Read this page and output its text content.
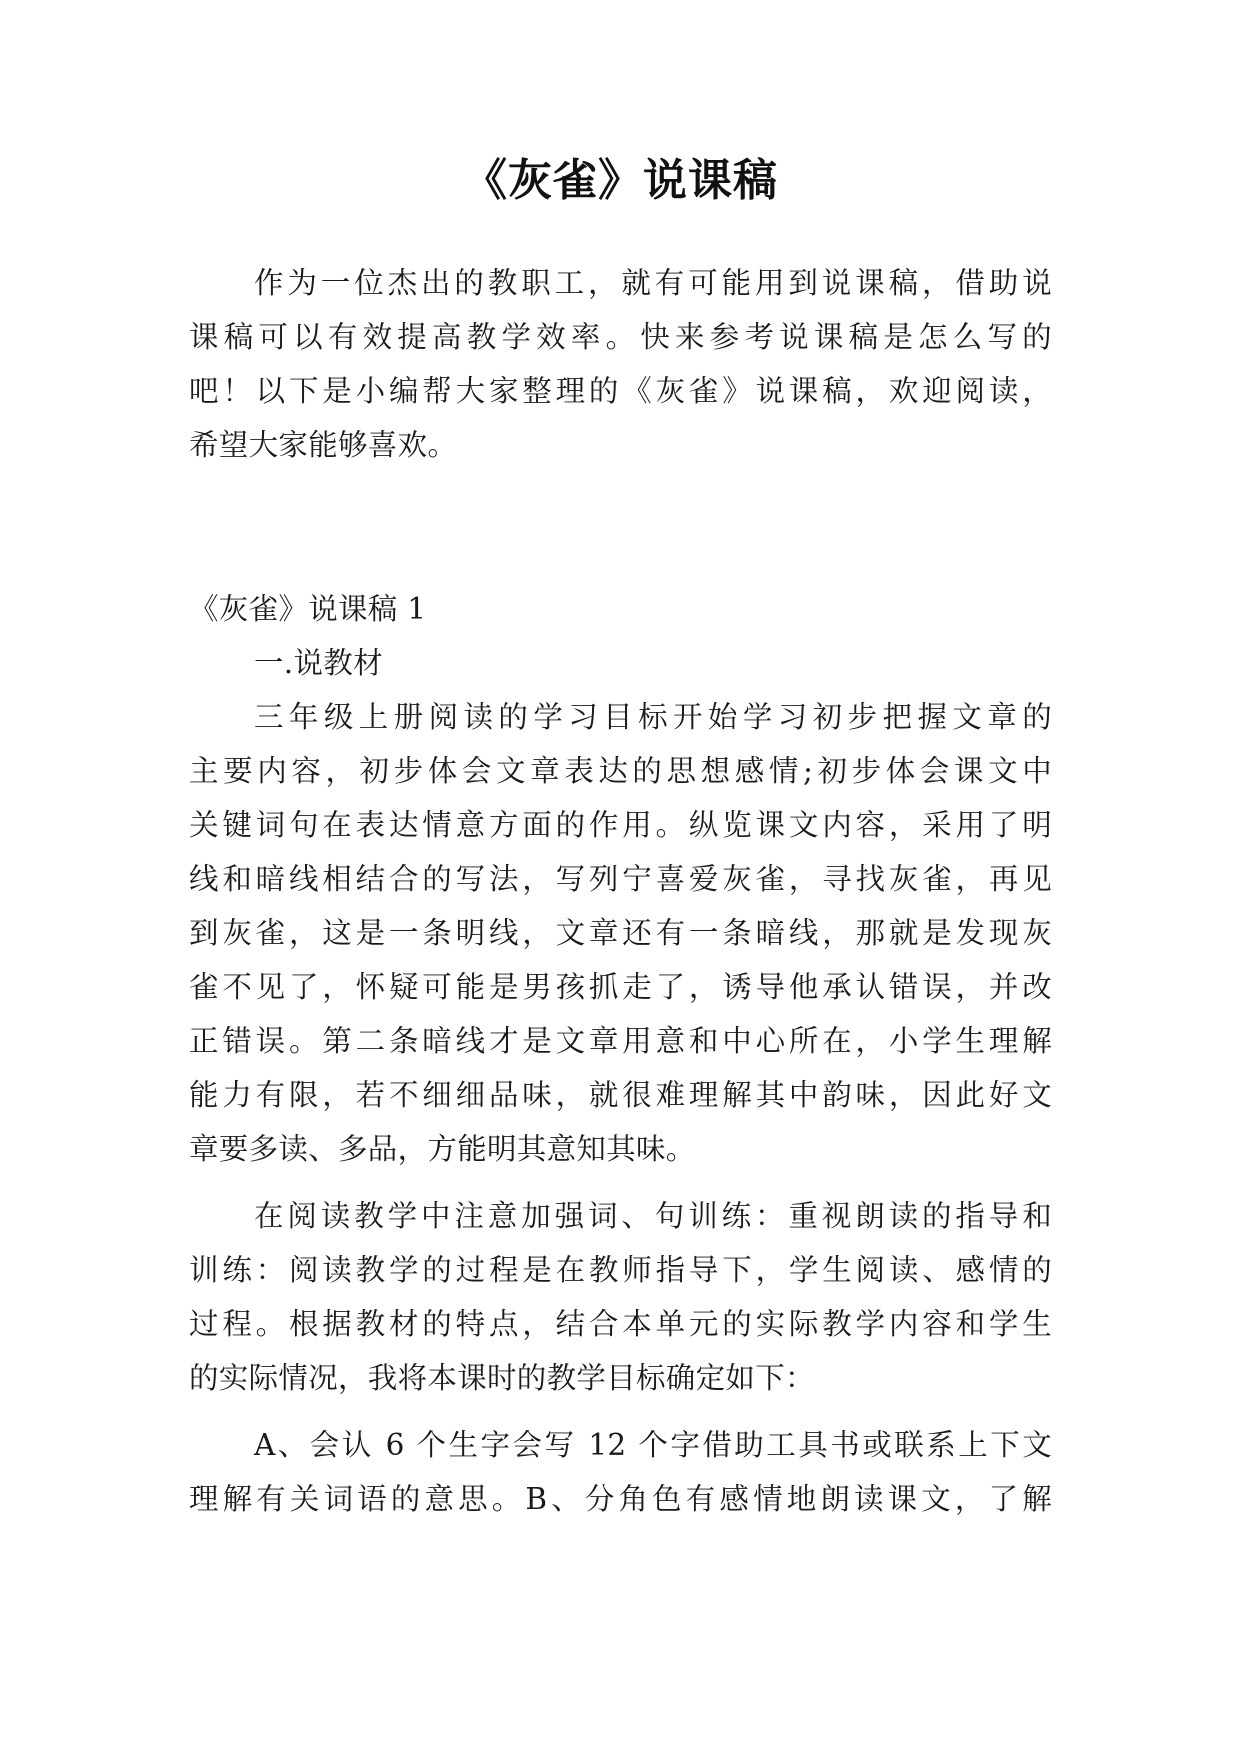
《灰雀》说课稿
作为一位杰出的教职工，就有可能用到说课稿，借助说
课稿可以有效提高教学效率。快来参考说课稿是怎么写的
吧！以下是小编帮大家整理的《灰雀》说课稿，欢迎阅读，
希望大家能够喜欢。
《灰雀》说课稿 1
一.说教材
三年级上册阅读的学习目标开始学习初步把握文章的
主要内容，初步体会文章表达的思想感情;初步体会课文中
关键词句在表达情意方面的作用。纵览课文内容，采用了明
线和暗线相结合的写法，写列宁喜爱灰雀，寻找灰雀，再见
到灰雀，这是一条明线，文章还有一条暗线，那就是发现灰
雀不见了，怀疑可能是男孩抓走了，诱导他承认错误，并改
正错误。第二条暗线才是文章用意和中心所在，小学生理解
能力有限，若不细细品味，就很难理解其中韵味，因此好文
章要多读、多品，方能明其意知其味。
在阅读教学中注意加强词、句训练：重视朗读的指导和
训练：阅读教学的过程是在教师指导下，学生阅读、感情的
过程。根据教材的特点，结合本单元的实际教学内容和学生
的实际情况，我将本课时的教学目标确定如下：
A、会认 6 个生字会写 12 个字借助工具书或联系上下文
理解有关词语的意思。B、分角色有感情地朗读课文，了解
